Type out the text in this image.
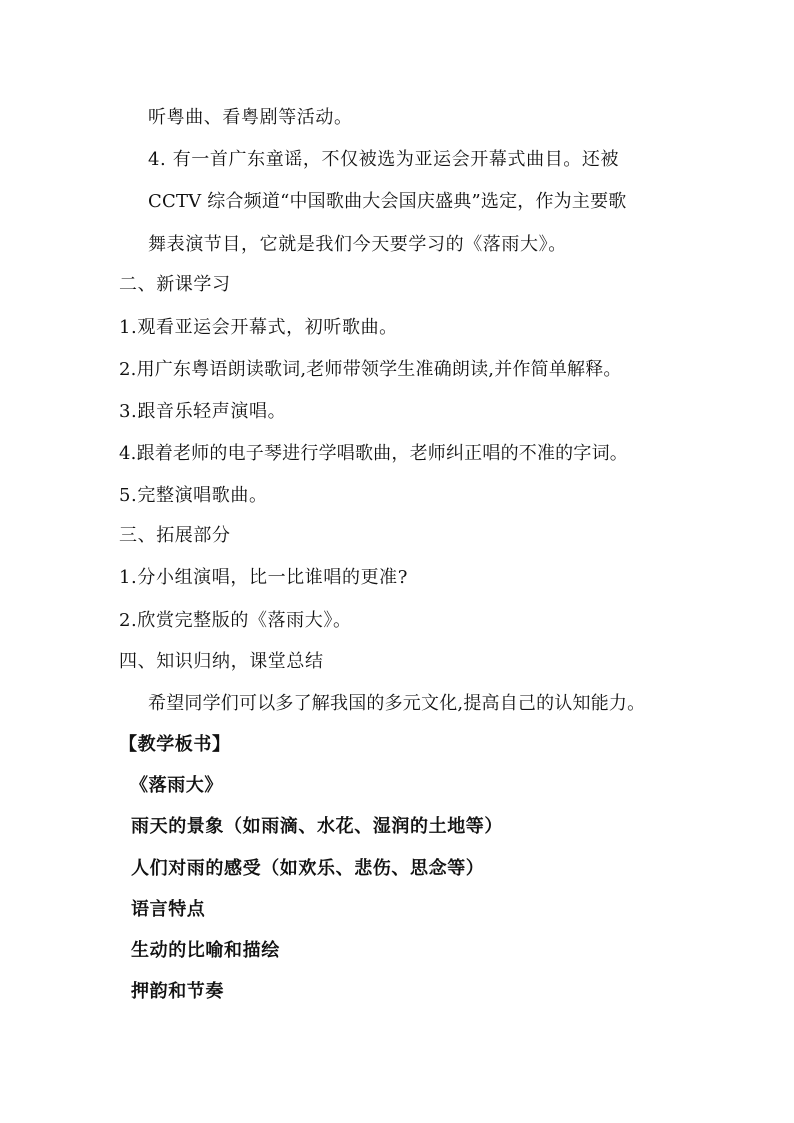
听粤曲、看粤剧等活动。
4. 有一首广东童谣，不仅被选为亚运会开幕式曲目。还被
CCTV 综合频道“中国歌曲大会国庆盛典”选定，作为主要歌
舞表演节目，它就是我们今天要学习的《落雨大》。
二、新课学习
1.观看亚运会开幕式，初听歌曲。
2.用广东粤语朗读歌词,老师带领学生准确朗读,并作简单解释。
3.跟音乐轻声演唱。
4.跟着老师的电子琴进行学唱歌曲，老师纠正唱的不准的字词。
5.完整演唱歌曲。
三、拓展部分
1.分小组演唱，比一比谁唱的更准?
2.欣赏完整版的《落雨大》。
四、知识归纳，课堂总结
希望同学们可以多了解我国的多元文化,提高自己的认知能力。
【教学板书】
《落雨大》
雨天的景象（如雨滴、水花、湿润的土地等）
人们对雨的感受（如欢乐、悲伤、思念等）
语言特点
生动的比喻和描绘
押韵和节奏
